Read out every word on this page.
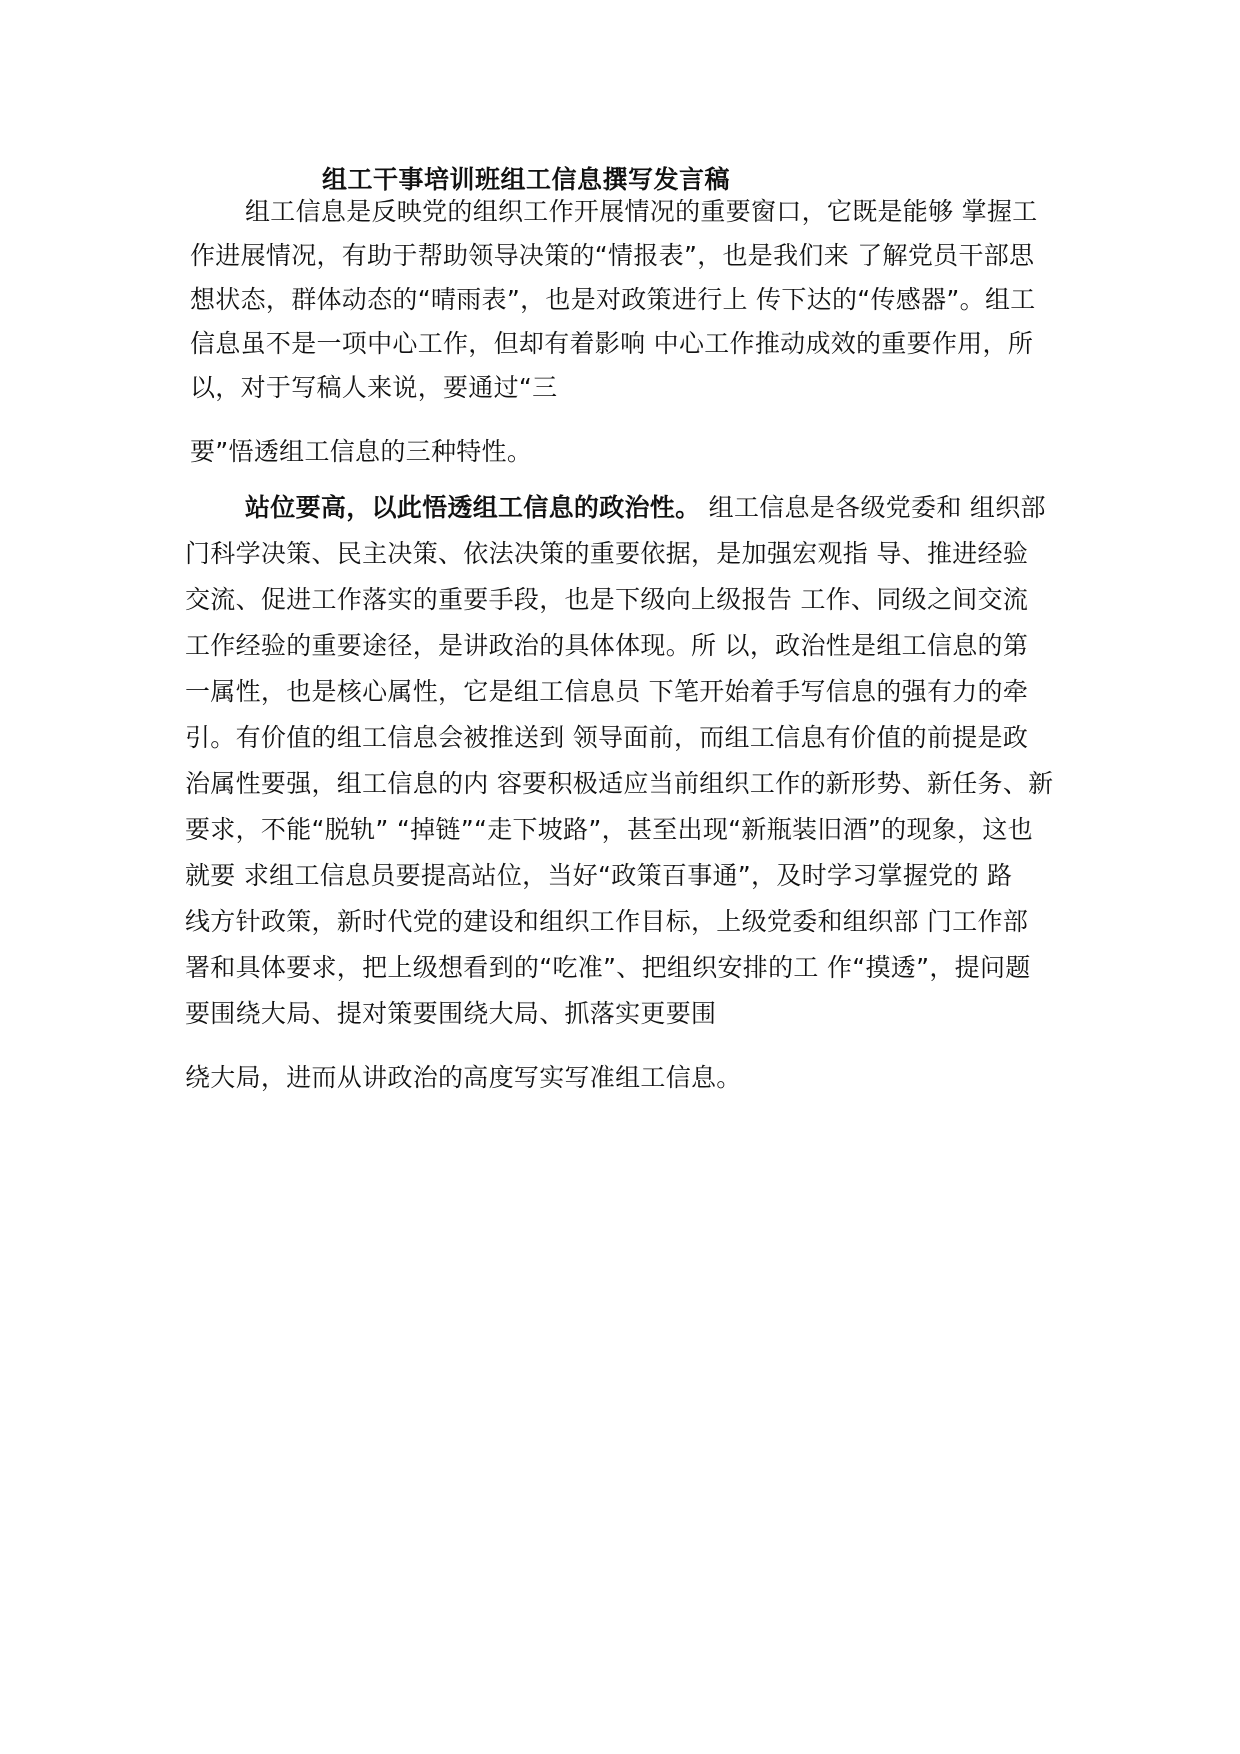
组工干事培训班组工信息撰写发言稿
组工信息是反映党的组织工作开展情况的重要窗口，它既是能够 掌握工
作进展情况，有助于帮助领导决策的“情报表”，也是我们来 了解党员干部思
想状态，群体动态的“晴雨表”，也是对政策进行上 传下达的“传感器”。组工
信息虽不是一项中心工作，但却有着影响 中心工作推动成效的重要作用，所
以，对于写稿人来说，要通过“三
要”悟透组工信息的三种特性。
站位要高，以此悟透组工信息的政治性。 组工信息是各级党委和 组织部
门科学决策、民主决策、依法决策的重要依据，是加强宏观指 导、推进经验
交流、促进工作落实的重要手段，也是下级向上级报告 工作、同级之间交流
工作经验的重要途径，是讲政治的具体体现。所 以，政治性是组工信息的第
一属性，也是核心属性，它是组工信息员 下笔开始着手写信息的强有力的牵
引。有价值的组工信息会被推送到 领导面前，而组工信息有价值的前提是政
治属性要强，组工信息的内 容要积极适应当前组织工作的新形势、新任务、新
要求，不能“脱轨” “掉链”“走下坡路”，甚至出现“新瓶装旧酒”的现象，这也
就要 求组工信息员要提高站位，当好“政策百事通”，及时学习掌握党的 路
线方针政策，新时代党的建设和组织工作目标，上级党委和组织部 门工作部
署和具体要求，把上级想看到的“吃准”、把组织安排的工 作“摸透”，提问题
要围绕大局、提对策要围绕大局、抓落实更要围
绕大局，进而从讲政治的高度写实写准组工信息。
